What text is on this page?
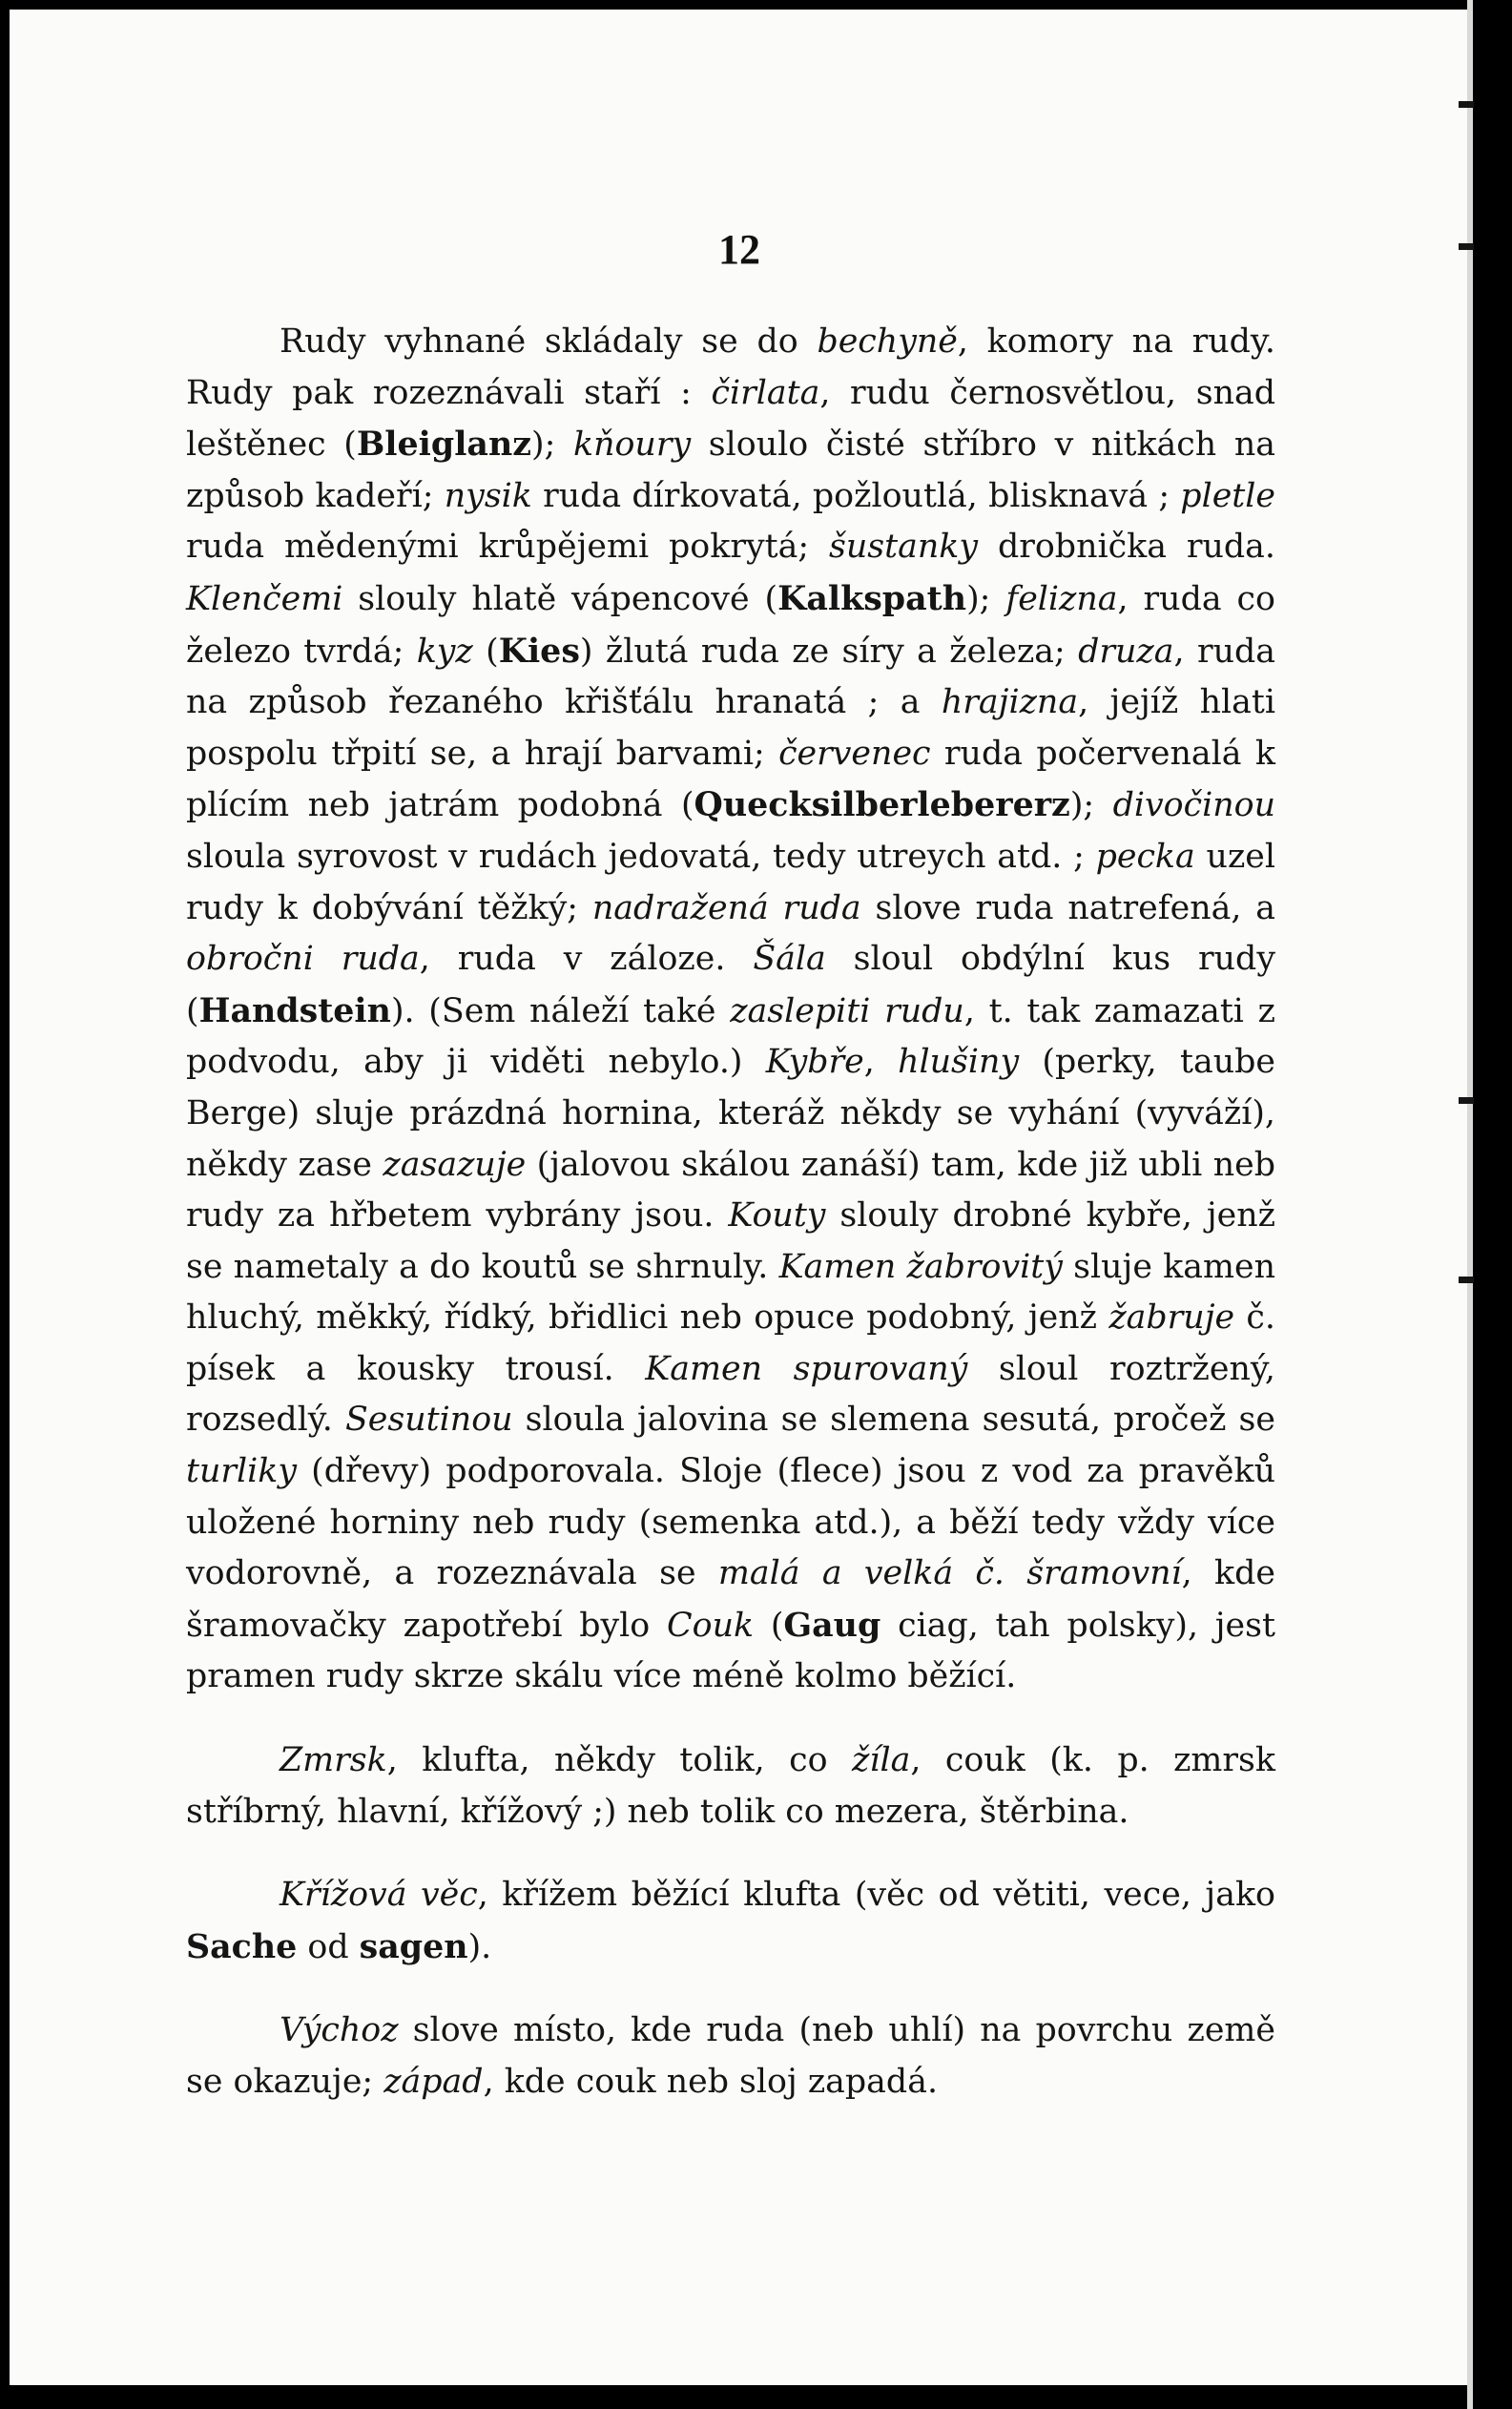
12

Rudy vyhnané skládaly se do bechyně, komory na rudy. Rudy pak rozeznávali staří : čirlata, rudu černosvětlou, snad leštěnec (Bleiglanz); kňoury sloulo čisté stříbro v nitkách na způsob kadeří; nysik ruda dírkovatá, požloutlá, blisknavá ; pletle ruda mědenými krůpějemi pokrytá; šustanky drobnička ruda. Klenčemi slouly hlatě vápencové (Kalkspath); felizna, ruda co železo tvrdá; kyz (Kies) žlutá ruda ze síry a železa; druza, ruda na způsob řezaného křišťálu hranatá ; a hrajizna, jejíž hlati pospolu třpití se, a hrají barvami; červenec ruda počervenalá k plícím neb jatrám podobná (Quecksilberlebererz); divočinou sloula syrovost v rudách jedovatá, tedy utreych atd. ; pecka uzel rudy k dobývání těžký; nadražená ruda slove ruda natrefená, a obročni ruda, ruda v záloze. Šála sloul obdýlní kus rudy (Handstein). (Sem náleží také zaslepiti rudu, t. tak zamazati z podvodu, aby ji viděti nebylo.) Kybře, hlušiny (perky, taube Berge) sluje prázdná hornina, kteráž někdy se vyhání (vyváží), někdy zase zasazuje (jalovou skálou zanáší) tam, kde již ubli neb rudy za hřbetem vybrány jsou. Kouty slouly drobné kybře, jenž se nametaly a do koutů se shrnuly. Kamen žabrovitý sluje kamen hluchý, měkký, řídký, břidlici neb opuce podobný, jenž žabruje č. písek a kousky trousí. Kamen spurovaný sloul roztržený, rozsedlý. Sesutinou sloula jalovina se slemena sesutá, pročež se turliky (dřevy) podporovala. Sloje (flece) jsou z vod za pravěků uložené horniny neb rudy (semenka atd.), a běží tedy vždy více vodorovně, a rozeznávala se malá a velká č. šramovní, kde šramovačky zapotřebí bylo Couk (Gaug ciag, tah polsky), jest pramen rudy skrze skálu více méně kolmo běžící.

Zmrsk, klufta, někdy tolik, co žíla, couk (k. p. zmrsk stříbrný, hlavní, křížový ;) neb tolik co mezera, štěrbina.

Křížová věc, křížem běžící klufta (věc od větiti, vece, jako Sache od sagen).

Výchoz slove místo, kde ruda (neb uhlí) na povrchu země se okazuje; západ, kde couk neb sloj zapadá.
